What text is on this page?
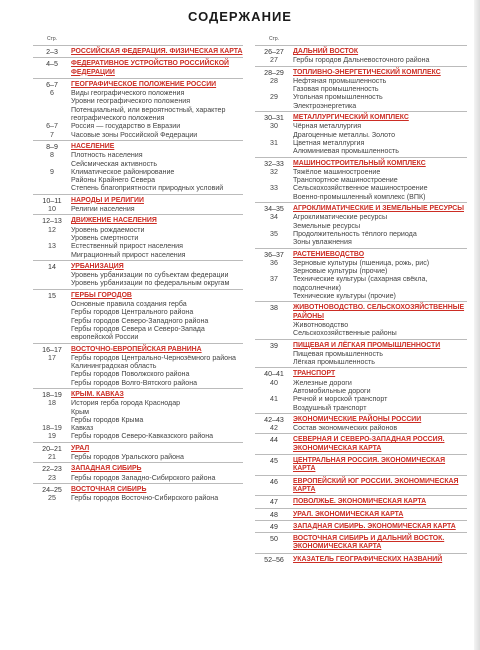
СОДЕРЖАНИЕ
Стр.
2–3	РОССИЙСКАЯ ФЕДЕРАЦИЯ. ФИЗИЧЕСКАЯ КАРТА
4–5	ФЕДЕРАТИВНОЕ УСТРОЙСТВО РОССИЙСКОЙ ФЕДЕРАЦИИ
6–7	ГЕОГРАФИЧЕСКОЕ ПОЛОЖЕНИЕ РОССИИ
6	Виды географического положения
Уровни географического положения
Потенциальный, или вероятностный, характер географического положения
6–7	Россия — государство в Евразии
7	Часовые зоны Российской Федерации
8–9	НАСЕЛЕНИЕ
8	Плотность населения
Сейсмическая активность
9	Климатическое районирование
Районы Крайнего Севера
Степень благоприятности природных условий
10–11	НАРОДЫ И РЕЛИГИИ
10	Религии населения
12–13	ДВИЖЕНИЕ НАСЕЛЕНИЯ
12	Уровень рождаемости
Уровень смертности
13	Естественный прирост населения
Миграционный прирост населения
14	УРБАНИЗАЦИЯ
Уровень урбанизации по субъектам федерации
Уровень урбанизации по федеральным округам
15	ГЕРБЫ ГОРОДОВ
Основные правила создания герба
Гербы городов Центрального района
Гербы городов Северо-Западного района
Гербы городов Севера и Северо-Запада европейской России
16–17	ВОСТОЧНО-ЕВРОПЕЙСКАЯ РАВНИНА
17	Гербы городов Центрально-Чернозёмного района
Калининградская область
Гербы городов Поволжского района
Гербы городов Волго-Вятского района
18–19	КРЫМ. КАВКАЗ
18	История герба города Краснодар
Крым
Гербы городов Крыма
18–19	Кавказ
19	Гербы городов Северо-Кавказского района
20–21	УРАЛ
21	Гербы городов Уральского района
22–23	ЗАПАДНАЯ СИБИРЬ
23	Гербы городов Западно-Сибирского района
24–25	ВОСТОЧНАЯ СИБИРЬ
25	Гербы городов Восточно-Сибирского района
Стр.
26–27	ДАЛЬНИЙ ВОСТОК
27	Гербы городов Дальневосточного района
28–29	ТОПЛИВНО-ЭНЕРГЕТИЧЕСКИЙ КОМПЛЕКС
28	Нефтяная промышленность
Газовая промышленность
29	Угольная промышленность
Электроэнергетика
30–31	МЕТАЛЛУРГИЧЕСКИЙ КОМПЛЕКС
30	Чёрная металлургия
Драгоценные металлы. Золото
31	Цветная металлургия
Алюминиевая промышленность
32–33	МАШИНОСТРОИТЕЛЬНЫЙ КОМПЛЕКС
32	Тяжёлое машиностроение
Транспортное машиностроение
33	Сельскохозяйственное машиностроение
Военно-промышленный комплекс (ВПК)
34–35	АГРОКЛИМАТИЧЕСКИЕ И ЗЕМЕЛЬНЫЕ РЕСУРСЫ
34	Агроклиматические ресурсы
Земельные ресурсы
35	Продолжительность тёплого периода
Зоны увлажнения
36–37	РАСТЕНИЕВОДСТВО
36	Зерновые культуры (пшеница, рожь, рис)
Зерновые культуры (прочие)
37	Технические культуры (сахарная свёкла, подсолнечник)
Технические культуры (прочие)
38	ЖИВОТНОВОДСТВО. СЕЛЬСКОХОЗЯЙСТВЕННЫЕ РАЙОНЫ
Животноводство
Сельскохозяйственные районы
39	ПИЩЕВАЯ И ЛЁГКАЯ ПРОМЫШЛЕННОСТИ
Пищевая промышленность
Лёгкая промышленность
40–41	ТРАНСПОРТ
40	Железные дороги
Автомобильные дороги
41	Речной и морской транспорт
Воздушный транспорт
42–43	ЭКОНОМИЧЕСКИЕ РАЙОНЫ РОССИИ
42	Состав экономических районов
44	СЕВЕРНАЯ И СЕВЕРО-ЗАПАДНАЯ РОССИЯ. ЭКОНОМИЧЕСКАЯ КАРТА
45	ЦЕНТРАЛЬНАЯ РОССИЯ. ЭКОНОМИЧЕСКАЯ КАРТА
46	ЕВРОПЕЙСКИЙ ЮГ РОССИИ. ЭКОНОМИЧЕСКАЯ КАРТА
47	ПОВОЛЖЬЕ. ЭКОНОМИЧЕСКАЯ КАРТА
48	УРАЛ. ЭКОНОМИЧЕСКАЯ КАРТА
49	ЗАПАДНАЯ СИБИРЬ. ЭКОНОМИЧЕСКАЯ КАРТА
50	ВОСТОЧНАЯ СИБИРЬ И ДАЛЬНИЙ ВОСТОК. ЭКОНОМИЧЕСКАЯ КАРТА
52–56	УКАЗАТЕЛЬ ГЕОГРАФИЧЕСКИХ НАЗВАНИЙ
